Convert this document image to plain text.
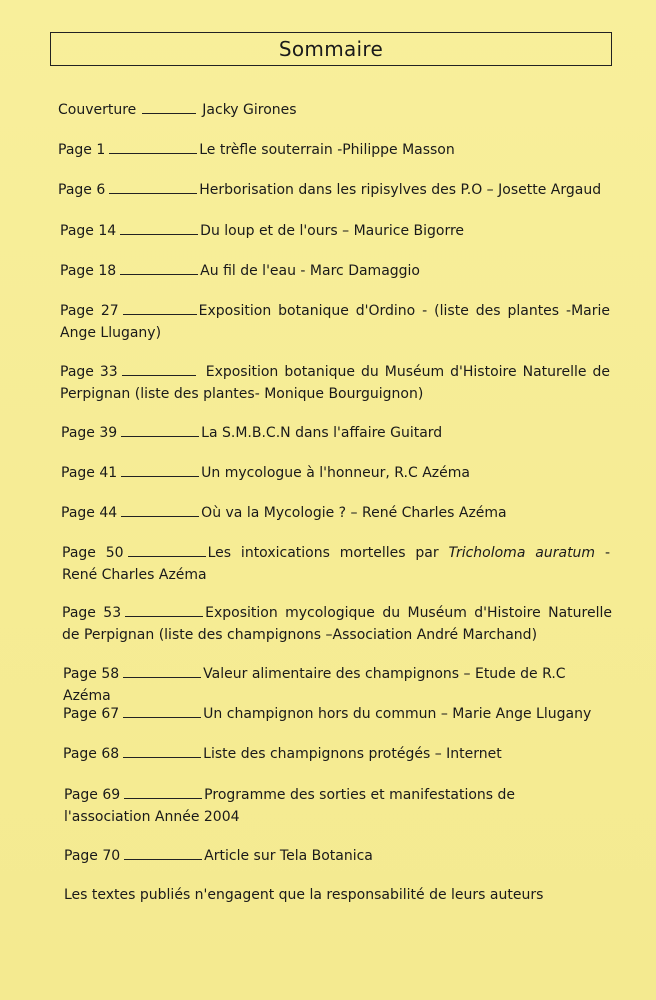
Sommaire

Couverture	Jacky Girones

Page 1	Le trèfle souterrain -Philippe Masson

Page 6	Herborisation dans les ripisylves des P.O – Josette Argaud

Page 14	Du loup et de l'ours – Maurice Bigorre

Page 18	Au fil de l'eau - Marc Damaggio

Page 27	Exposition botanique d'Ordino - (liste des plantes -Marie Ange Llugany)

Page 33	Exposition botanique du Muséum d'Histoire Naturelle de Perpignan (liste des plantes- Monique Bourguignon)

Page 39	La S.M.B.C.N dans l'affaire Guitard

Page 41	Un mycologue à l'honneur, R.C Azéma

Page 44	Où va la Mycologie ? – René Charles Azéma

Page 50	Les intoxications mortelles par Tricholoma auratum - René Charles Azéma

Page 53	Exposition mycologique du Muséum d'Histoire Naturelle de Perpignan (liste des champignons –Association André Marchand)

Page 58	Valeur alimentaire des champignons – Etude de R.C Azéma

Page 67	Un champignon hors du commun – Marie Ange Llugany

Page 68	Liste des champignons protégés – Internet

Page 69	Programme des sorties et manifestations de l'association Année 2004

Page 70	Article sur Tela Botanica

Les textes publiés n'engagent que la responsabilité de leurs auteurs
